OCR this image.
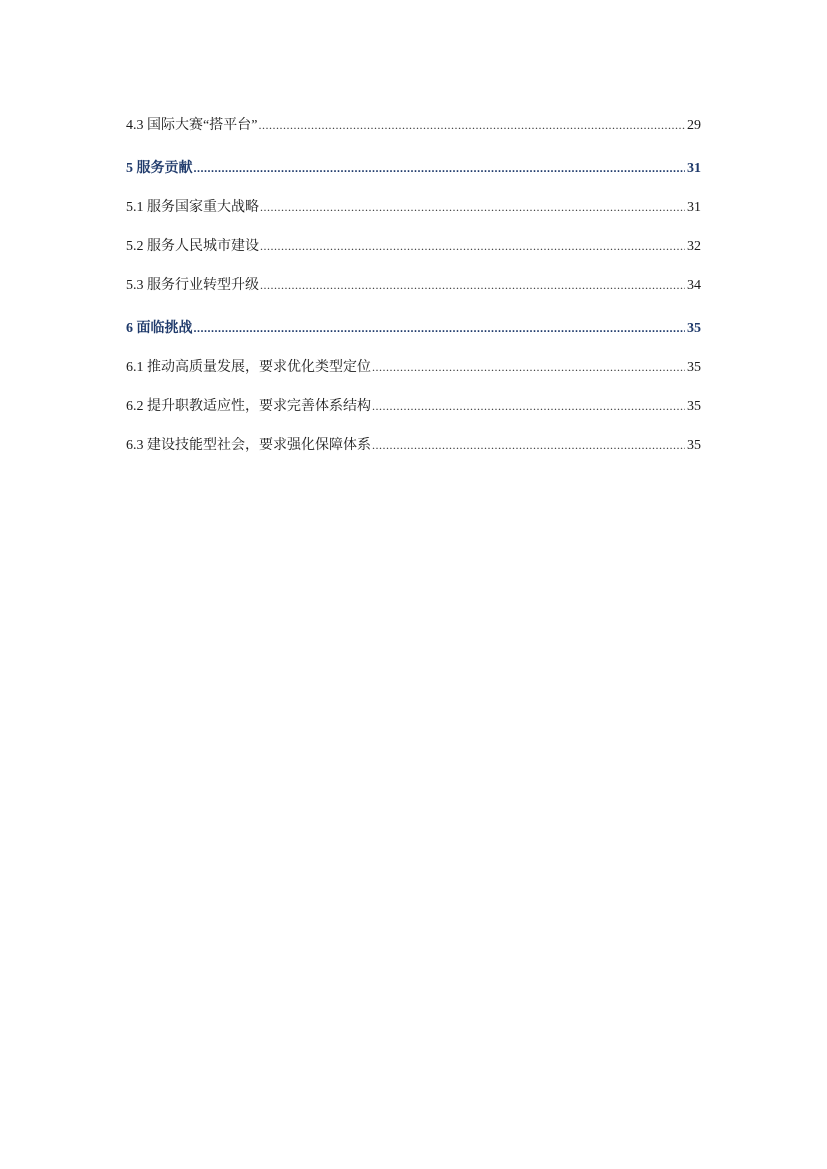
4.3 国际大赛“搭平台” .....	29
5 服务贡献 .....	31
5.1 服务国家重大战略 .....	31
5.2 服务人民城市建设 .....	32
5.3 服务行业转型升级 .....	34
6 面临挑战 .....	35
6.1 推动高质量发展，要求优化类型定位 .....	35
6.2 提升职教适应性，要求完善体系结构 .....	35
6.3 建设技能型社会，要求强化保障体系 .....	35
